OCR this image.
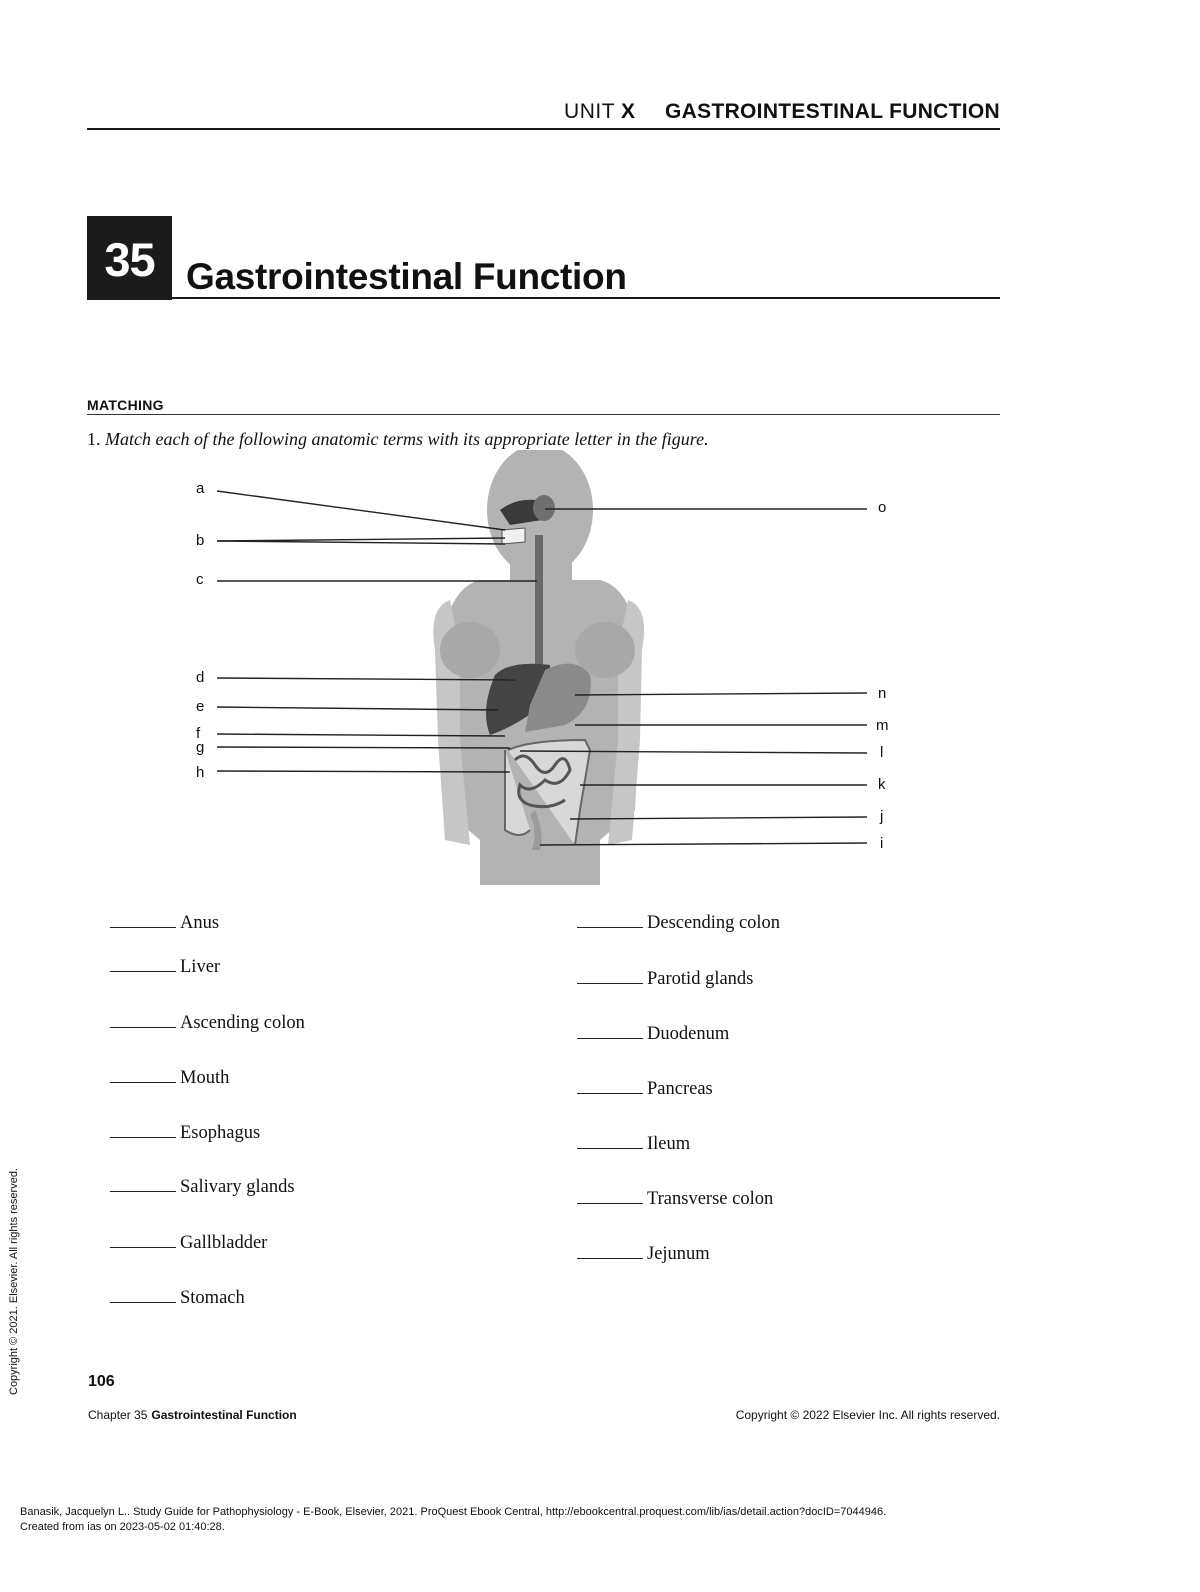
UNIT X GASTROINTESTINAL FUNCTION
35 Gastrointestinal Function
MATCHING
1. Match each of the following anatomic terms with its appropriate letter in the figure.
a
b
c
d
e
f
g
h
o
n
m
l
k
j
i
Anus
Liver
Ascending colon
Mouth
Esophagus
Salivary glands
Gallbladder
Stomach
Descending colon
Parotid glands
Duodenum
Pancreas
Ileum
Transverse colon
Jejunum
106
Chapter 35 Gastrointestinal Function	Copyright © 2022 Elsevier Inc. All rights reserved.
Copyright © 2021. Elsevier. All rights reserved.
Banasik, Jacquelyn L.. Study Guide for Pathophysiology - E-Book, Elsevier, 2021. ProQuest Ebook Central, http://ebookcentral.proquest.com/lib/ias/detail.action?docID=7044946.
Created from ias on 2023-05-02 01:40:28.
